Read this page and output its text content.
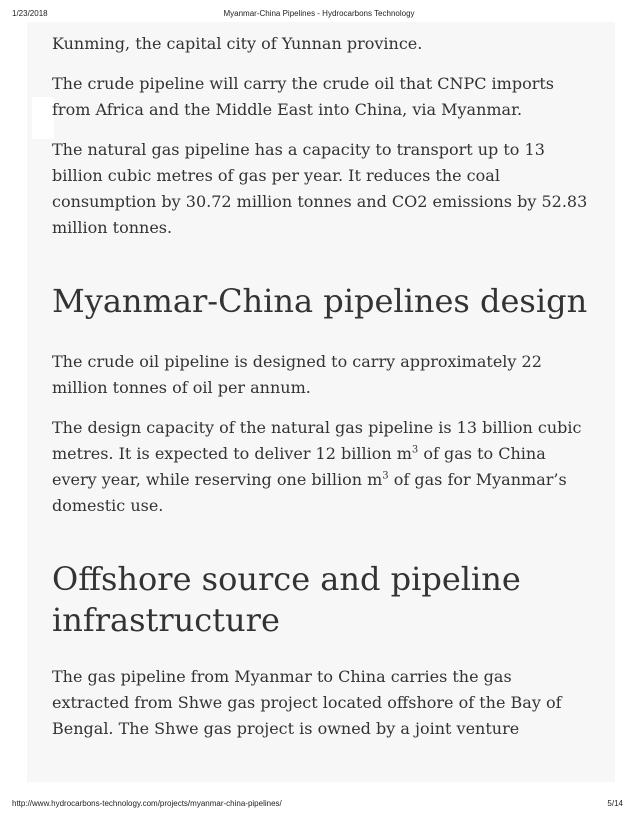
1/23/2018	Myanmar-China Pipelines - Hydrocarbons Technology

Kunming, the capital city of Yunnan province.

The crude pipeline will carry the crude oil that CNPC imports from Africa and the Middle East into China, via Myanmar.

The natural gas pipeline has a capacity to transport up to 13 billion cubic metres of gas per year. It reduces the coal consumption by 30.72 million tonnes and CO2 emissions by 52.83 million tonnes.

Myanmar-China pipelines design

The crude oil pipeline is designed to carry approximately 22 million tonnes of oil per annum.

The design capacity of the natural gas pipeline is 13 billion cubic metres. It is expected to deliver 12 billion $m^3$ of gas to China every year, while reserving one billion $m^3$ of gas for Myanmar’s domestic use.

Offshore source and pipeline infrastructure

The gas pipeline from Myanmar to China carries the gas extracted from Shwe gas project located offshore of the Bay of Bengal. The Shwe gas project is owned by a joint venture

http://www.hydrocarbons-technology.com/projects/myanmar-china-pipelines/	5/14
